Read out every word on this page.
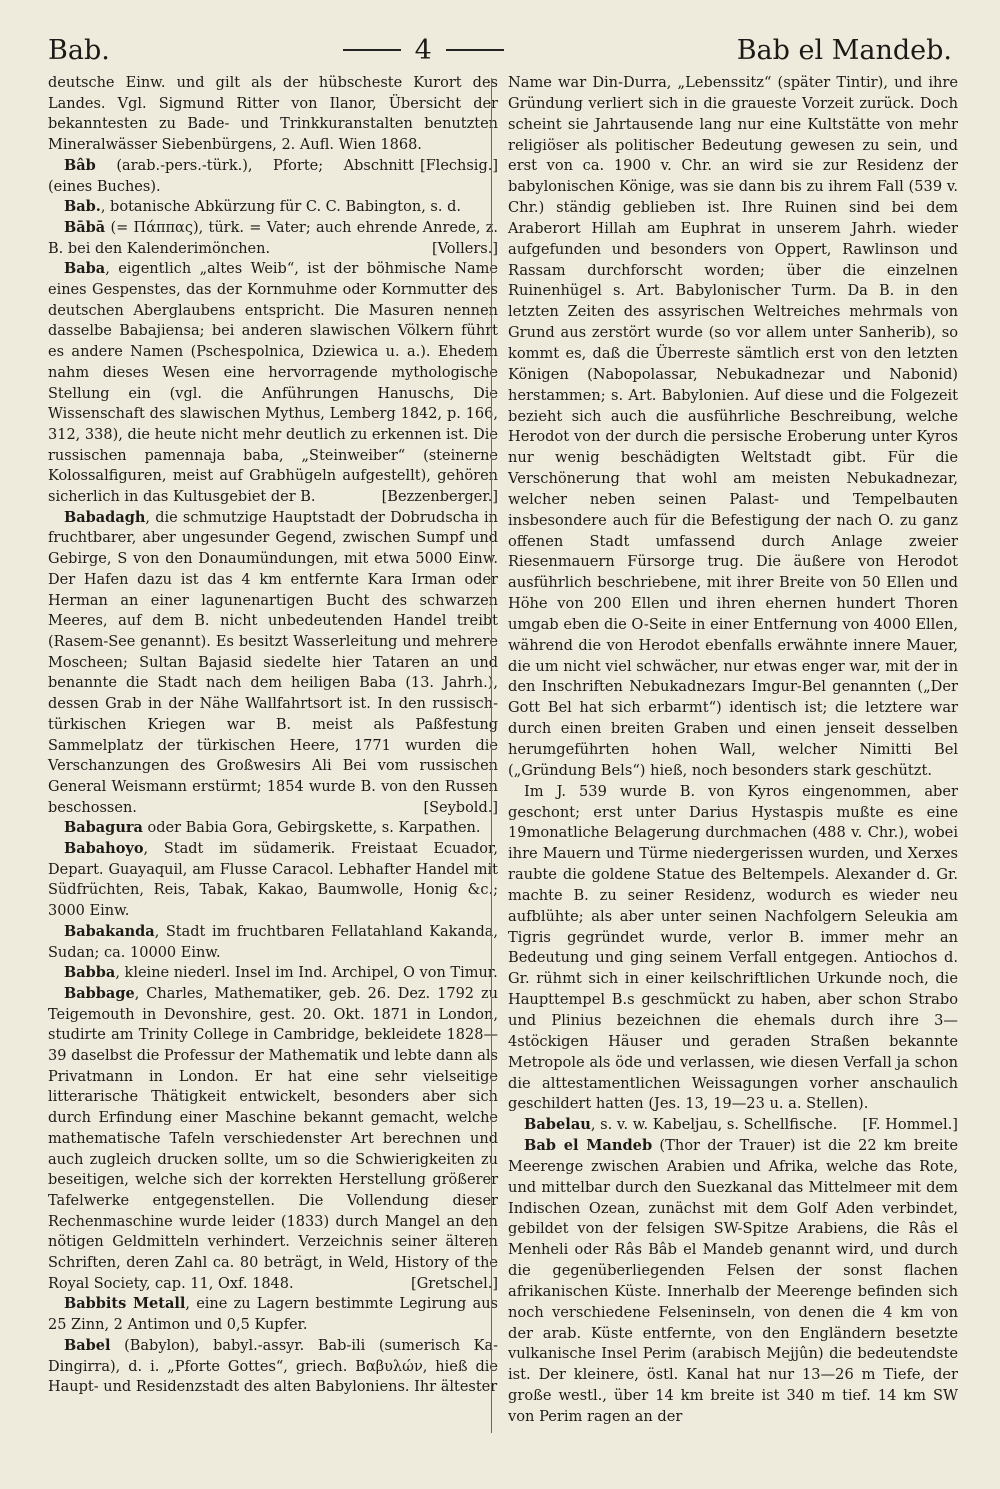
Bab.	4	Bab el Mandeb.

deutsche Einw. und gilt als der hübscheste Kurort des Landes. Vgl. Sigmund Ritter von Ilanor, Übersicht der bekanntesten zu Bade- und Trinkkuranstalten benutzten Mineralwässer Siebenbürgens, 2. Aufl. Wien 1868.
[Flechsig.]

Bâb (arab.-pers.-türk.), Pforte; Abschnitt (eines Buches).

Bab., botanische Abkürzung für C. C. Babington, s. d.

Bābā (= Πάππας), türk. = Vater; auch ehrende Anrede, z. B. bei den Kalenderimönchen.	[Vollers.]

Baba, eigentlich „altes Weib“, ist der böhmische Name eines Gespenstes, das der Kornmuhme oder Kornmutter des deutschen Aberglaubens entspricht. Die Masuren nennen dasselbe Babajiensa; bei anderen slawischen Völkern führt es andere Namen (Pschespolnica, Dziewica u. a.). Ehedem nahm dieses Wesen eine hervorragende mythologische Stellung ein (vgl. die Anführungen Hanuschs, Die Wissenschaft des slawischen Mythus, Lemberg 1842, p. 166, 312, 338), die heute nicht mehr deutlich zu erkennen ist. Die russischen pamennaja baba, „Steinweiber“ (steinerne Kolossalfiguren, meist auf Grabhügeln aufgestellt), gehören sicherlich in das Kultusgebiet der B.	[Bezzenberger.]

Babadagh, die schmutzige Hauptstadt der Dobrudscha in fruchtbarer, aber ungesunder Gegend, zwischen Sumpf und Gebirge, S von den Donaumündungen, mit etwa 5000 Einw. Der Hafen dazu ist das 4 km entfernte Kara Irman oder Herman an einer lagunenartigen Bucht des schwarzen Meeres, auf dem B. nicht unbedeutenden Handel treibt (Rasem-See genannt). Es besitzt Wasserleitung und mehrere Moscheen; Sultan Bajasid siedelte hier Tataren an und benannte die Stadt nach dem heiligen Baba (13. Jahrh.), dessen Grab in der Nähe Wallfahrtsort ist. In den russisch-türkischen Kriegen war B. meist als Paßfestung Sammelplatz der türkischen Heere, 1771 wurden die Verschanzungen des Großwesirs Ali Bei vom russischen General Weismann erstürmt; 1854 wurde B. von den Russen beschossen.	[Seybold.]

Babagura oder Babia Gora, Gebirgskette, s. Karpathen.

Babahoyo, Stadt im südamerik. Freistaat Ecuador, Depart. Guayaquil, am Flusse Caracol. Lebhafter Handel mit Südfrüchten, Reis, Tabak, Kakao, Baumwolle, Honig &c.; 3000 Einw.

Babakanda, Stadt im fruchtbaren Fellatahland Kakanda, Sudan; ca. 10000 Einw.

Babba, kleine niederl. Insel im Ind. Archipel, O von Timur.

Babbage, Charles, Mathematiker, geb. 26. Dez. 1792 zu Teigemouth in Devonshire, gest. 20. Okt. 1871 in London, studirte am Trinity College in Cambridge, bekleidete 1828—39 daselbst die Professur der Mathematik und lebte dann als Privatmann in London. Er hat eine sehr vielseitige litterarische Thätigkeit entwickelt, besonders aber sich durch Erfindung einer Maschine bekannt gemacht, welche mathematische Tafeln verschiedenster Art berechnen und auch zugleich drucken sollte, um so die Schwierigkeiten zu beseitigen, welche sich der korrekten Herstellung größerer Tafelwerke entgegenstellen. Die Vollendung dieser Rechenmaschine wurde leider (1833) durch Mangel an den nötigen Geldmitteln verhindert. Verzeichnis seiner älteren Schriften, deren Zahl ca. 80 beträgt, in Weld, History of the Royal Society, cap. 11, Oxf. 1848.	[Gretschel.]

Babbits Metall, eine zu Lagern bestimmte Legirung aus 25 Zinn, 2 Antimon und 0,5 Kupfer.

Babel (Babylon), babyl.-assyr. Bab-ili (sumerisch Ka-Dingirra), d. i. „Pforte Gottes“, griech. Βαβυλών, hieß die Haupt- und Residenzstadt des alten Babyloniens. Ihr ältester

Name war Din-Durra, „Lebenssitz“ (später Tintir), und ihre Gründung verliert sich in die graueste Vorzeit zurück. Doch scheint sie Jahrtausende lang nur eine Kultstätte von mehr religiöser als politischer Bedeutung gewesen zu sein, und erst von ca. 1900 v. Chr. an wird sie zur Residenz der babylonischen Könige, was sie dann bis zu ihrem Fall (539 v. Chr.) ständig geblieben ist. Ihre Ruinen sind bei dem Araberort Hillah am Euphrat in unserem Jahrh. wieder aufgefunden und besonders von Oppert, Rawlinson und Rassam durchforscht worden; über die einzelnen Ruinenhügel s. Art. Babylonischer Turm. Da B. in den letzten Zeiten des assyrischen Weltreiches mehrmals von Grund aus zerstört wurde (so vor allem unter Sanherib), so kommt es, daß die Überreste sämtlich erst von den letzten Königen (Nabopolassar, Nebukadnezar und Nabonid) herstammen; s. Art. Babylonien. Auf diese und die Folgezeit bezieht sich auch die ausführliche Beschreibung, welche Herodot von der durch die persische Eroberung unter Kyros nur wenig beschädigten Weltstadt gibt. Für die Verschönerung that wohl am meisten Nebukadnezar, welcher neben seinen Palast- und Tempelbauten insbesondere auch für die Befestigung der nach O. zu ganz offenen Stadt umfassend durch Anlage zweier Riesenmauern Fürsorge trug. Die äußere von Herodot ausführlich beschriebene, mit ihrer Breite von 50 Ellen und Höhe von 200 Ellen und ihren ehernen hundert Thoren umgab eben die O-Seite in einer Entfernung von 4000 Ellen, während die von Herodot ebenfalls erwähnte innere Mauer, die um nicht viel schwächer, nur etwas enger war, mit der in den Inschriften Nebukadnezars Imgur-Bel genannten („Der Gott Bel hat sich erbarmt“) identisch ist; die letztere war durch einen breiten Graben und einen jenseit desselben herumgeführten hohen Wall, welcher Nimitti Bel („Gründung Bels“) hieß, noch besonders stark geschützt.

Im J. 539 wurde B. von Kyros eingenommen, aber geschont; erst unter Darius Hystaspis mußte es eine 19monatliche Belagerung durchmachen (488 v. Chr.), wobei ihre Mauern und Türme niedergerissen wurden, und Xerxes raubte die goldene Statue des Beltempels. Alexander d. Gr. machte B. zu seiner Residenz, wodurch es wieder neu aufblühte; als aber unter seinen Nachfolgern Seleukia am Tigris gegründet wurde, verlor B. immer mehr an Bedeutung und ging seinem Verfall entgegen. Antiochos d. Gr. rühmt sich in einer keilschriftlichen Urkunde noch, die Haupttempel B.s geschmückt zu haben, aber schon Strabo und Plinius bezeichnen die ehemals durch ihre 3—4stöckigen Häuser und geraden Straßen bekannte Metropole als öde und verlassen, wie diesen Verfall ja schon die alttestamentlichen Weissagungen vorher anschaulich geschildert hatten (Jes. 13, 19—23 u. a. Stellen).

Babelau, s. v. w. Kabeljau, s. Schellfische.	[F. Hommel.]

Bab el Mandeb (Thor der Trauer) ist die 22 km breite Meerenge zwischen Arabien und Afrika, welche das Rote, und mittelbar durch den Suezkanal das Mittelmeer mit dem Indischen Ozean, zunächst mit dem Golf Aden verbindet, gebildet von der felsigen SW-Spitze Arabiens, die Râs el Menheli oder Râs Bâb el Mandeb genannt wird, und durch die gegenüberliegenden Felsen der sonst flachen afrikanischen Küste. Innerhalb der Meerenge befinden sich noch verschiedene Felseninseln, von denen die 4 km von der arab. Küste entfernte, von den Engländern besetzte vulkanische Insel Perim (arabisch Mejjûn) die bedeutendste ist. Der kleinere, östl. Kanal hat nur 13—26 m Tiefe, der große westl., über 14 km breite ist 340 m tief. 14 km SW von Perim ragen an der
